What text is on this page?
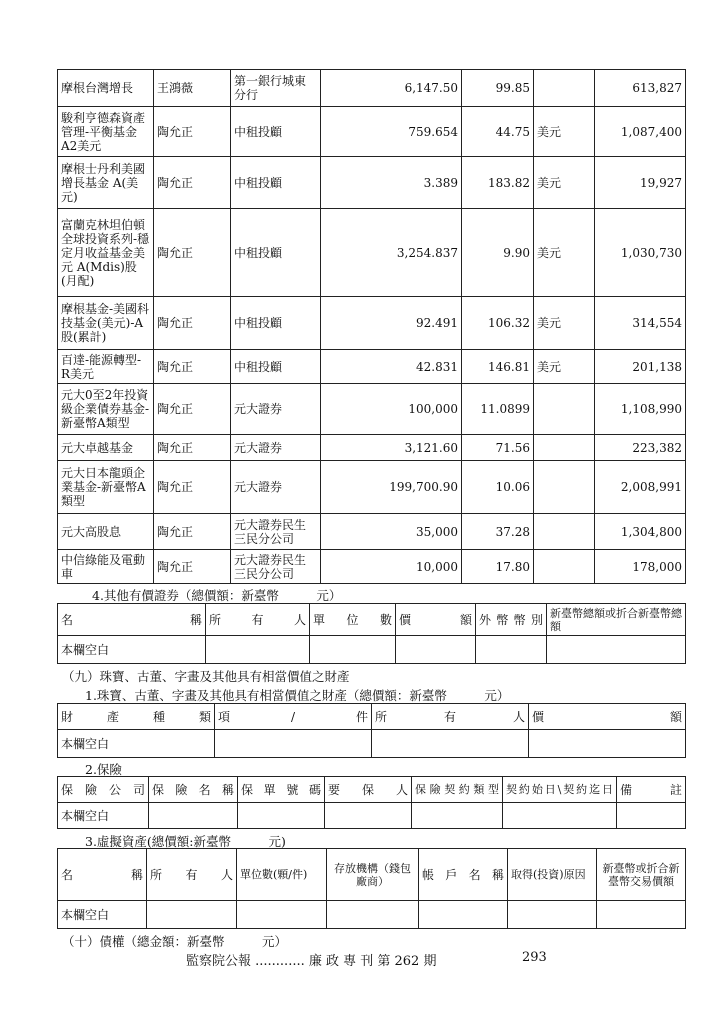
摩根台灣增長	王鴻薇	第一銀行城東分行	6,147.50	99.85		613,827
駿利亨德森資產管理-平衡基金A2美元	陶允正	中租投顧	759.654	44.75	美元	1,087,400
摩根士丹利美國增長基金 A(美元)	陶允正	中租投顧	3.389	183.82	美元	19,927
富蘭克林坦伯頓全球投資系列-穩定月收益基金美元 A(Mdis)股(月配)	陶允正	中租投顧	3,254.837	9.90	美元	1,030,730
摩根基金-美國科技基金(美元)-A股(累計)	陶允正	中租投顧	92.491	106.32	美元	314,554
百達-能源轉型-R美元	陶允正	中租投顧	42.831	146.81	美元	201,138
元大0至2年投資級企業債券基金-新臺幣A類型	陶允正	元大證券	100,000	11.0899		1,108,990
元大卓越基金	陶允正	元大證券	3,121.60	71.56		223,382
元大日本龍頭企業基金-新臺幣A類型	陶允正	元大證券	199,700.90	10.06		2,008,991
元大高股息	陶允正	元大證券民生三民分公司	35,000	37.28		1,304,800
中信綠能及電動車	陶允正	元大證券民生三民分公司	10,000	17.80		178,000
4.其他有價證券（總價額：新臺幣　　　元）
名稱	所有人	單位數	價額	外幣幣別	新臺幣總額或折合新臺幣總額
本欄空白					
（九）珠寶、古董、字畫及其他具有相當價值之財產
1.珠寶、古董、字畫及其他具有相當價值之財產（總價額：新臺幣　　　元）
財產種類	項/件	所有人	價額
本欄空白			
2.保險
保險公司	保險名稱	保單號碼	要保人	保險契約類型	契約始日\契約迄日	備註
本欄空白						
3.虛擬資產(總價額:新臺幣　　　元)
名稱	所有人	單位數(顆/件)	存放機構（錢包廠商）	帳戶名稱	取得(投資)原因	新臺幣或折合新臺幣交易價額
本欄空白						
（十）債權（總金額：新臺幣　　　元）
監察院公報 ............ 廉 政 專 刊 第 262 期	293
